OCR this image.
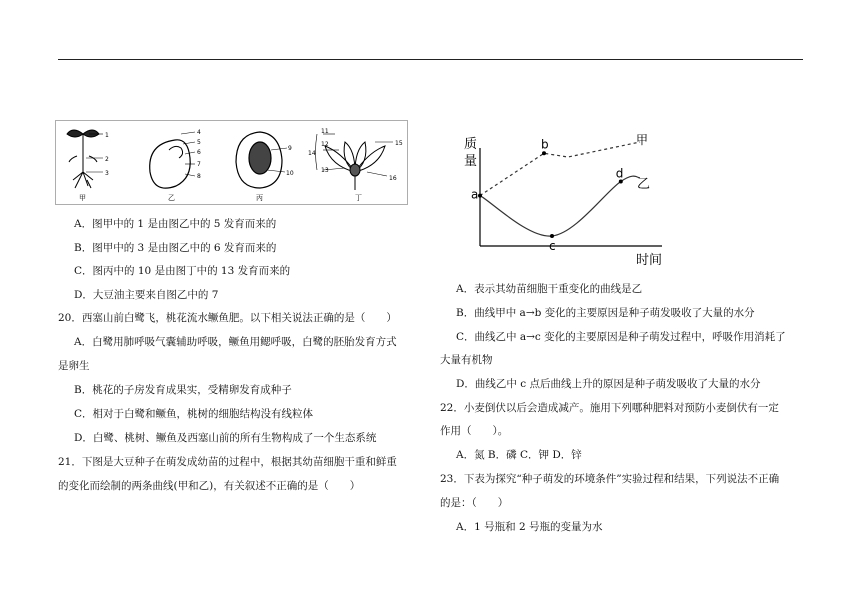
1
2
3
甲
4
5
6
7
8
乙
9
10
丙
11
12
14
13
15
16
丁
A．图甲中的 1 是由图乙中的 5 发育而来的
B．图甲中的 3 是由图乙中的 6 发育而来的
C．图丙中的 10 是由图丁中的 13 发育而来的
D．大豆油主要来自图乙中的 7
20．西塞山前白鹭飞，桃花流水鳜鱼肥。以下相关说法正确的是（　　）
A．白鹭用肺呼吸气囊辅助呼吸，鳜鱼用鳃呼吸，白鹭的胚胎发育方式
是卵生
B．桃花的子房发育成果实，受精卵发育成种子
C．相对于白鹭和鳜鱼，桃树的细胞结构没有线粒体
D．白鹭、桃树、鳜鱼及西塞山前的所有生物构成了一个生态系统
21．下图是大豆种子在萌发成幼苗的过程中，根据其幼苗细胞干重和鲜重
的变化而绘制的两条曲线(甲和乙)，有关叙述不正确的是（　　）
质
量
时间
a
b
c
d
甲
乙
A．表示其幼苗细胞干重变化的曲线是乙
B．曲线甲中 a→b 变化的主要原因是种子萌发吸收了大量的水分
C．曲线乙中 a→c 变化的主要原因是种子萌发过程中，呼吸作用消耗了
大量有机物
D．曲线乙中 c 点后曲线上升的原因是种子萌发吸收了大量的水分
22．小麦倒伏以后会造成减产。施用下列哪种肥料对预防小麦倒伏有一定
作用（　　）。
A．氮 B．磷 C．钾 D．锌
23．下表为探究“种子萌发的环境条件”实验过程和结果，下列说法不正确
的是：（　　）
A．1 号瓶和 2 号瓶的变量为水
